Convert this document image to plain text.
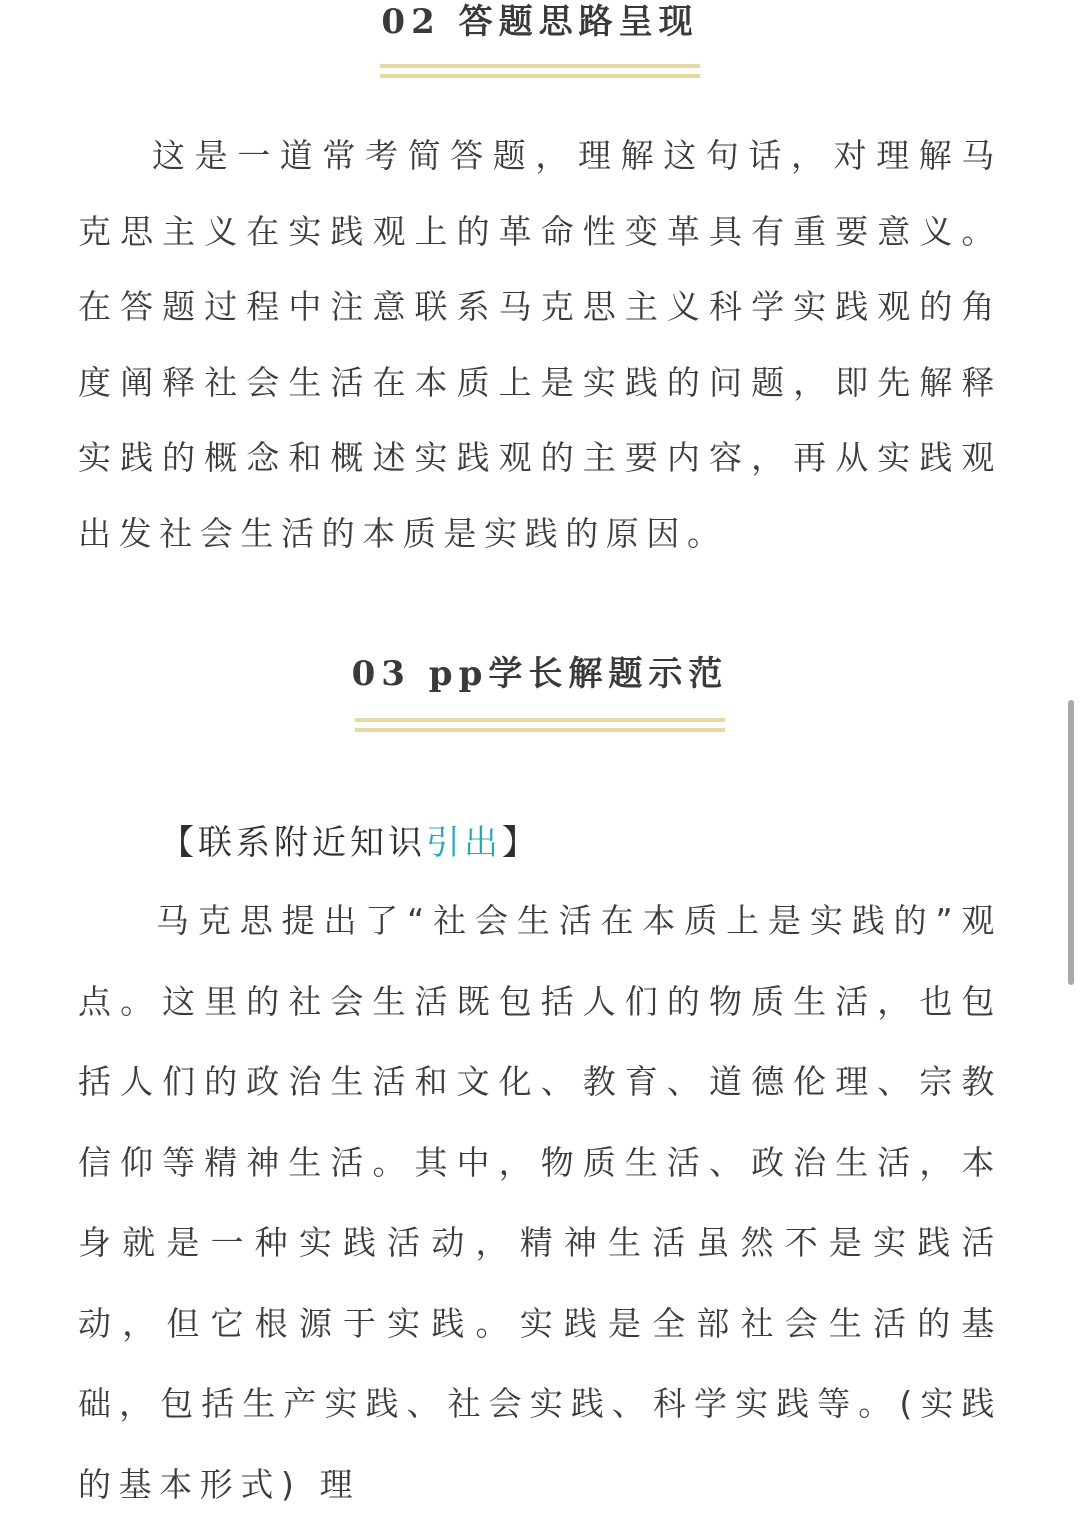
02 答题思路呈现

这是一道常考简答题，理解这句话，对理解马克思主义在实践观上的革命性变革具有重要意义。在答题过程中注意联系马克思主义科学实践观的角度阐释社会生活在本质上是实践的问题，即先解释实践的概念和概述实践观的主要内容，再从实践观出发社会生活的本质是实践的原因。

03 pp学长解题示范
【联系附近知识引出】

马克思提出了“社会生活在本质上是实践的”观点。这里的社会生活既包括人们的物质生活，也包括人们的政治生活和文化、教育、道德伦理、宗教信仰等精神生活。其中，物质生活、政治生活，本身就是一种实践活动，精神生活虽然不是实践活动，但它根源于实践。实践是全部社会生活的基础，包括生产实践、社会实践、科学实践等。(实践的基本形式) 理
